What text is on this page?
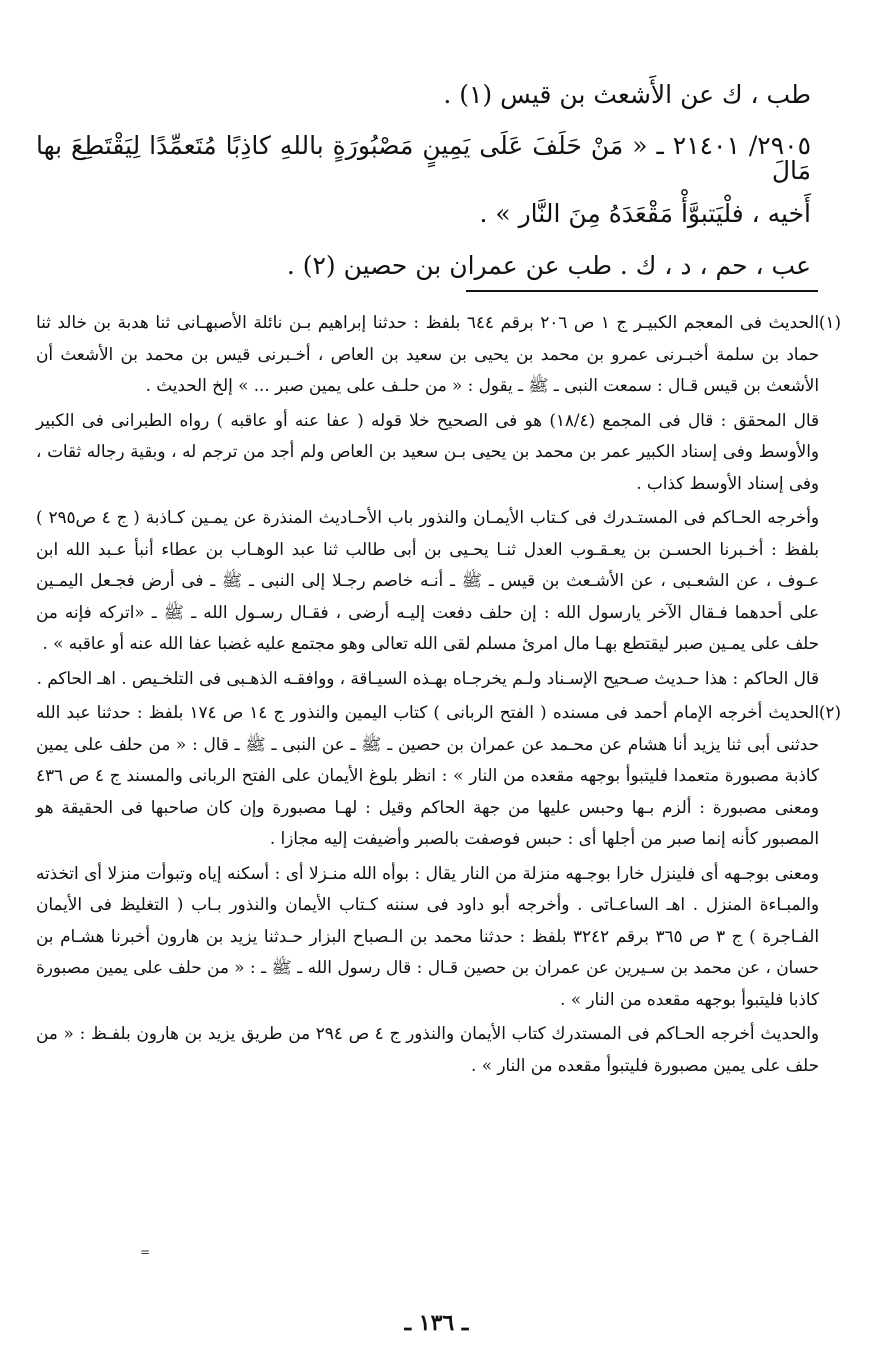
طب ، ك عن الأَشعث بن قيس (١) .

٢٩٠٥/ ٢١٤٠١ ـ « مَنْ حَلَفَ عَلَى يَمِينٍ مَصْبُورَةٍ باللهِ كاذِبًا مُتَعمِّدًا لِيَقْتَطِعَ بها مَالَ

أَخيه ، فلْيَتبوَّأْ مَقْعَدَهُ مِنَ النَّار » .

عب ، حم ، د ، ك . طب عن عمران بن حصين (٢) .

(١)

الحديث فى المعجم الكبيـر ج ١ ص ٢٠٦ برقم ٦٤٤ بلفظ : حدثنا إبراهيم بـن نائلة الأصبهـانى ثنا هدبة بن خالد ثنا حماد بن سلمة أخبـرنى عمرو بن محمد بن يحيى بن سعيد بن العاص ، أخـبرنى قيس بن محمد بن الأشعث أن الأشعث بن قيس قـال : سمعت النبى ـ ﷺ ـ يقول : « من حلـف على يمين صبر ... » إلخ الحديث .

قال المحقق : قال فى المجمع (١٨/٤) هو فى الصحيح خلا قوله ( عفا عنه أو عاقبه ) رواه الطبرانى فى الكبير والأوسط وفى إسناد الكبير عمر بن محمد بن يحيى بـن سعيد بن العاص ولم أجد من ترجم له ، وبقية رجاله ثقات ، وفى إسناد الأوسط كذاب .

وأخرجه الحـاكم فى المستـدرك فى كـتاب الأيمـان والنذور باب الأحـاديث المنذرة عن يمـين كـاذبة ( ج ٤ ص٢٩٥ ) بلفظ : أخـبرنا الحسـن بن يعـقـوب العدل ثنـا يحـيى بن أبى طالب ثنا عبد الوهـاب بن عطاء أنبأ عـبد الله ابن عـوف ، عن الشعـبى ، عن الأشـعث بن قيس ـ ﷺ ـ أنـه خاصم رجـلا إلى النبى ـ ﷺ ـ فى أرض فجـعل اليمـين على أحدهما فـقال الآخر يارسول الله : إن حلف دفعت إليـه أرضى ، فقـال رسـول الله ـ ﷺ ـ «اتركه فإنه من حلف على يمـين صبر ليقتطع بهـا مال امرئ مسلم لقى الله تعالى وهو مجتمع عليه غضبا عفا الله عنه أو عاقبه » .

قال الحاكم : هذا حـديث صـحيح الإسـناد ولـم يخرجـاه بهـذه السيـاقة ، ووافقـه الذهـبى فى التلخـيص . اهـ الحاكم .

(٢)

الحديث أخرجه الإمام أحمد فى مسنده ( الفتح الربانى ) كتاب اليمين والنذور ج ١٤ ص ١٧٤ بلفظ : حدثنا عبد الله حدثنى أبى ثنا يزيد أنا هشام عن محـمد عن عمران بن حصين ـ ﷺ ـ عن النبى ـ ﷺ ـ قال : « من حلف على يمين كاذبة مصبورة متعمدا فليتبوأ بوجهه مقعده من النار » : انظر بلوغ الأيمان على الفتح الربانى والمسند ج ٤ ص ٤٣٦ ومعنى مصبورة : ألزم بـها وحبس عليها من جهة الحاكم وقيل : لهـا مصبورة وإن كان صاحبها فى الحقيقة هو المصبور كأنه إنما صبر من أجلها أى : حبس فوصفت بالصبر وأضيفت إليه مجازا .

ومعنى بوجـهه أى فلينزل خارا بوجـهه منزلة من النار يقال : بوأه الله منـزلا أى : أسكنه إياه وتبوأت منزلا أى اتخذته والمبـاءة المنزل . اهـ الساعـاتى . وأخرجه أبو داود فى سننه كـتاب الأيمان والنذور بـاب ( التغليظ فى الأيمان الفـاجرة ) ج ٣ ص ٣٦٥ برقم ٣٢٤٢ بلفظ : حدثنا محمد بن الـصباح البزار حـدثنا يزيد بن هارون أخبرنا هشـام بن حسان ، عن محمد بن سـيرين عن عمران بن حصين قـال : قال رسول الله ـ ﷺ ـ : « من حلف على يمين مصبورة كاذبا فليتبوأ بوجهه مقعده من النار » .

والحديث أخرجه الحـاكم فى المستدرك كتاب الأيمان والنذور ج ٤ ص ٢٩٤ من طريق يزيد بن هارون بلفـظ : « من حلف على يمين مصبورة فليتبوأ مقعده من النار » .

=
ـ ١٣٦ ـ
